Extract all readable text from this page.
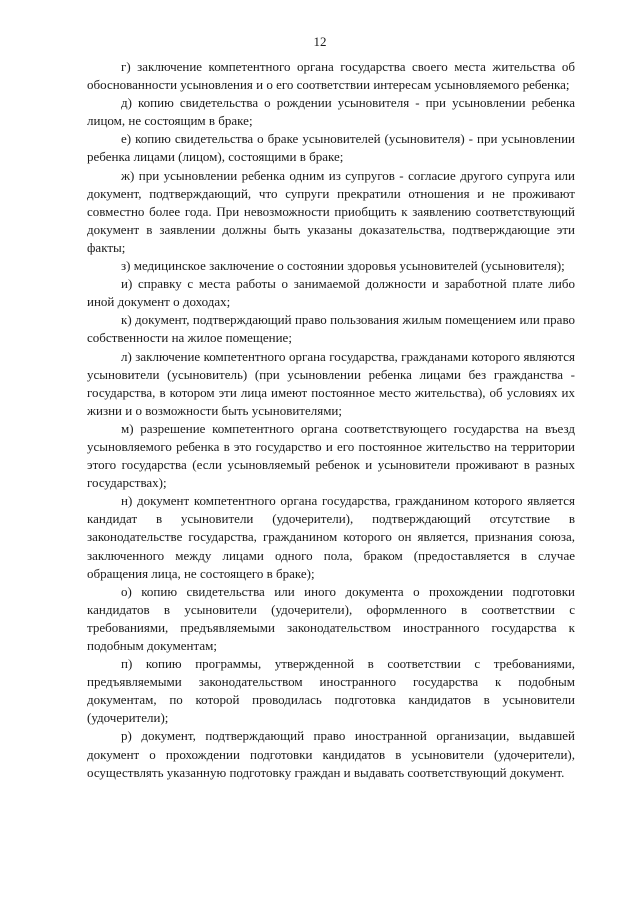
12

г) заключение компетентного органа государства своего места жительства об обоснованности усыновления и о его соответствии интересам усыновляемого ребенка;

д) копию свидетельства о рождении усыновителя - при усыновлении ребенка лицом, не состоящим в браке;

е) копию свидетельства о браке усыновителей (усыновителя) - при усыновлении ребенка лицами (лицом), состоящими в браке;

ж) при усыновлении ребенка одним из супругов - согласие другого супруга или документ, подтверждающий, что супруги прекратили отношения и не проживают совместно более года. При невозможности приобщить к заявлению соответствующий документ в заявлении должны быть указаны доказательства, подтверждающие эти факты;

з) медицинское заключение о состоянии здоровья усыновителей (усыновителя);

и) справку с места работы о занимаемой должности и заработной плате либо иной документ о доходах;

к) документ, подтверждающий право пользования жилым помещением или право собственности на жилое помещение;

л) заключение компетентного органа государства, гражданами которого являются усыновители (усыновитель) (при усыновлении ребенка лицами без гражданства - государства, в котором эти лица имеют постоянное место жительства), об условиях их жизни и о возможности быть усыновителями;

м) разрешение компетентного органа соответствующего государства на въезд усыновляемого ребенка в это государство и его постоянное жительство на территории этого государства (если усыновляемый ребенок и усыновители проживают в разных государствах);

н) документ компетентного органа государства, гражданином которого является кандидат в усыновители (удочерители), подтверждающий отсутствие в законодательстве государства, гражданином которого он является, признания союза, заключенного между лицами одного пола, браком (предоставляется в случае обращения лица, не состоящего в браке);

о) копию свидетельства или иного документа о прохождении подготовки кандидатов в усыновители (удочерители), оформленного в соответствии с требованиями, предъявляемыми законодательством иностранного государства к подобным документам;

п) копию программы, утвержденной в соответствии с требованиями, предъявляемыми законодательством иностранного государства к подобным документам, по которой проводилась подготовка кандидатов в усыновители (удочерители);

р) документ, подтверждающий право иностранной организации, выдавшей документ о прохождении подготовки кандидатов в усыновители (удочерители), осуществлять указанную подготовку граждан и выдавать соответствующий документ.
